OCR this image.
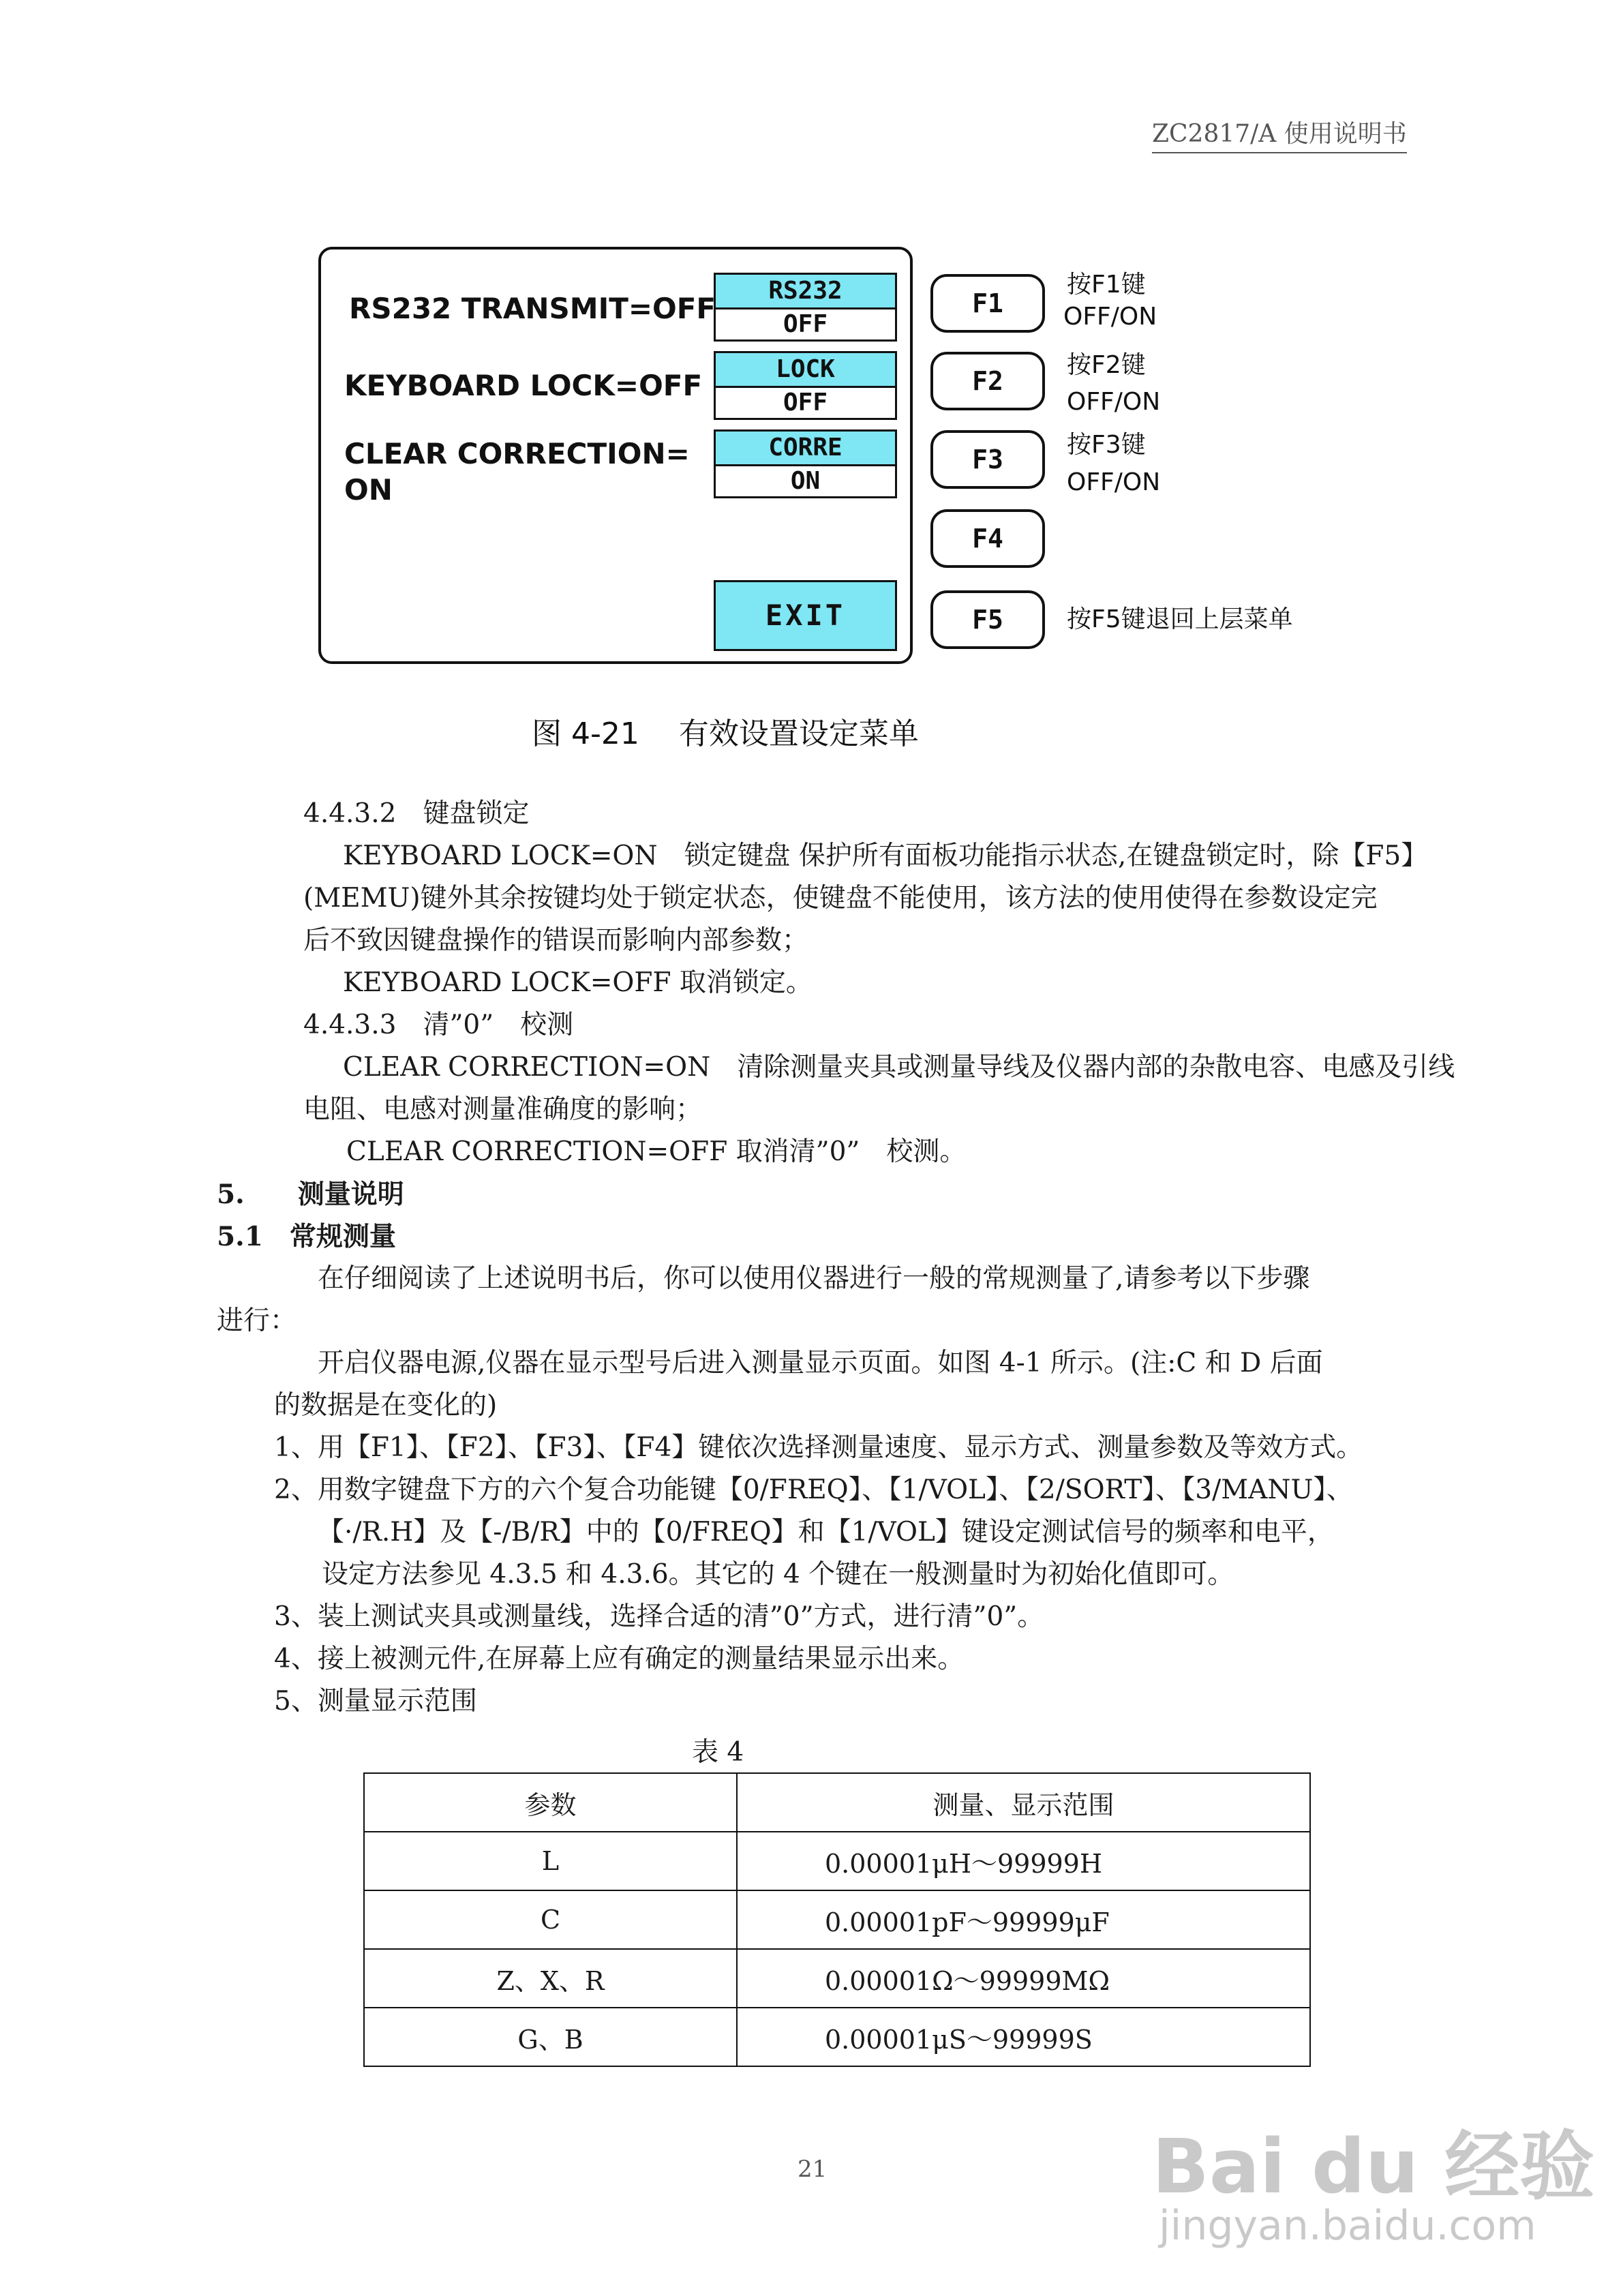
ZC2817/A 使用说明书
RS232 TRANSMIT=OFF
KEYBOARD LOCK=OFF
CLEAR CORRECTION=
ON
RS232
OFF
LOCK
OFF
CORRE
ON
EXIT
F1
F2
F3
F4
F5
按F1键
OFF/ON
按F2键
OFF/ON
按F3键
OFF/ON
按F5键退回上层菜单
图 4-21　 有效设置设定菜单
4.4.3.2　键盘锁定
KEYBOARD LOCK=ON　锁定键盘 保护所有面板功能指示状态,在键盘锁定时，除【F5】
(MEMU)键外其余按键均处于锁定状态，使键盘不能使用，该方法的使用使得在参数设定完
后不致因键盘操作的错误而影响内部参数；
KEYBOARD LOCK=OFF 取消锁定。
4.4.3.3　清”0”　校测
CLEAR CORRECTION=ON　清除测量夹具或测量导线及仪器内部的杂散电容、电感及引线
电阻、电感对测量准确度的影响；
CLEAR CORRECTION=OFF 取消清”0”　校测。
5.　　测量说明
5.1　常规测量
在仔细阅读了上述说明书后，你可以使用仪器进行一般的常规测量了,请参考以下步骤
进行：
开启仪器电源,仪器在显示型号后进入测量显示页面。如图 4-1 所示。(注:C 和 D 后面
的数据是在变化的)
1、用【F1】、【F2】、【F3】、【F4】键依次选择测量速度、显示方式、测量参数及等效方式。
2、用数字键盘下方的六个复合功能键【0/FREQ】、【1/VOL】、【2/SORT】、【3/MANU】、
【·/R.H】及【-/B/R】中的【0/FREQ】和【1/VOL】键设定测试信号的频率和电平，
设定方法参见 4.3.5 和 4.3.6。其它的 4 个键在一般测量时为初始化值即可。
3、装上测试夹具或测量线，选择合适的清”0”方式，进行清”0”。
4、接上被测元件,在屏幕上应有确定的测量结果显示出来。
5、测量显示范围
表 4
参数	测量、显示范围
L	0.00001μH～99999H
C	0.00001pF～99999μF
Z、X、R	0.00001Ω～99999MΩ
G、B	0.00001μS～99999S
21	Bai du 经验
jingyan.baidu.com
